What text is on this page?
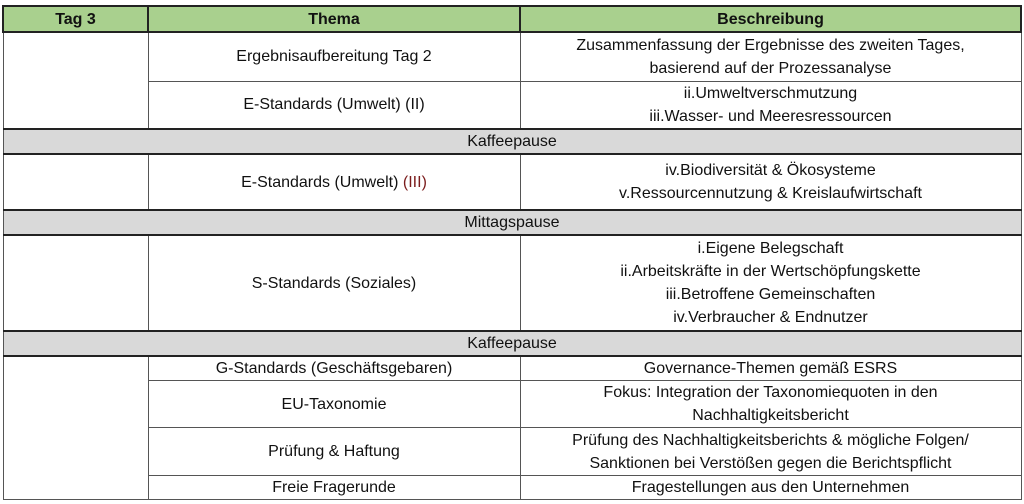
Tag 3	Thema	Beschreibung
	Ergebnisaufbereitung Tag 2	Zusammenfassung der Ergebnisse des zweiten Tages,
basierend auf der Prozessanalyse

	E-Standards (Umwelt) (II)	ii.Umweltverschmutzung
iii.Wasser- und Meeresressourcen

Kaffeepause		
	E-Standards (Umwelt) (III)	iv.Biodiversität & Ökosysteme
v.Ressourcennutzung & Kreislaufwirtschaft

Mittagspause		
	S-Standards (Soziales)	i.Eigene Belegschaft
ii.Arbeitskräfte in der Wertschöpfungskette
iii.Betroffene Gemeinschaften
iv.Verbraucher & Endnutzer

Kaffeepause		
	G-Standards (Geschäftsgebaren)	Governance-Themen gemäß ESRS

	EU-Taxonomie	Fokus: Integration der Taxonomiequoten in den
Nachhaltigkeitsbericht

	Prüfung & Haftung	Prüfung des Nachhaltigkeitsberichts & mögliche Folgen/
Sanktionen bei Verstößen gegen die Berichtspflicht

	Freie Fragerunde	Fragestellungen aus den Unternehmen
